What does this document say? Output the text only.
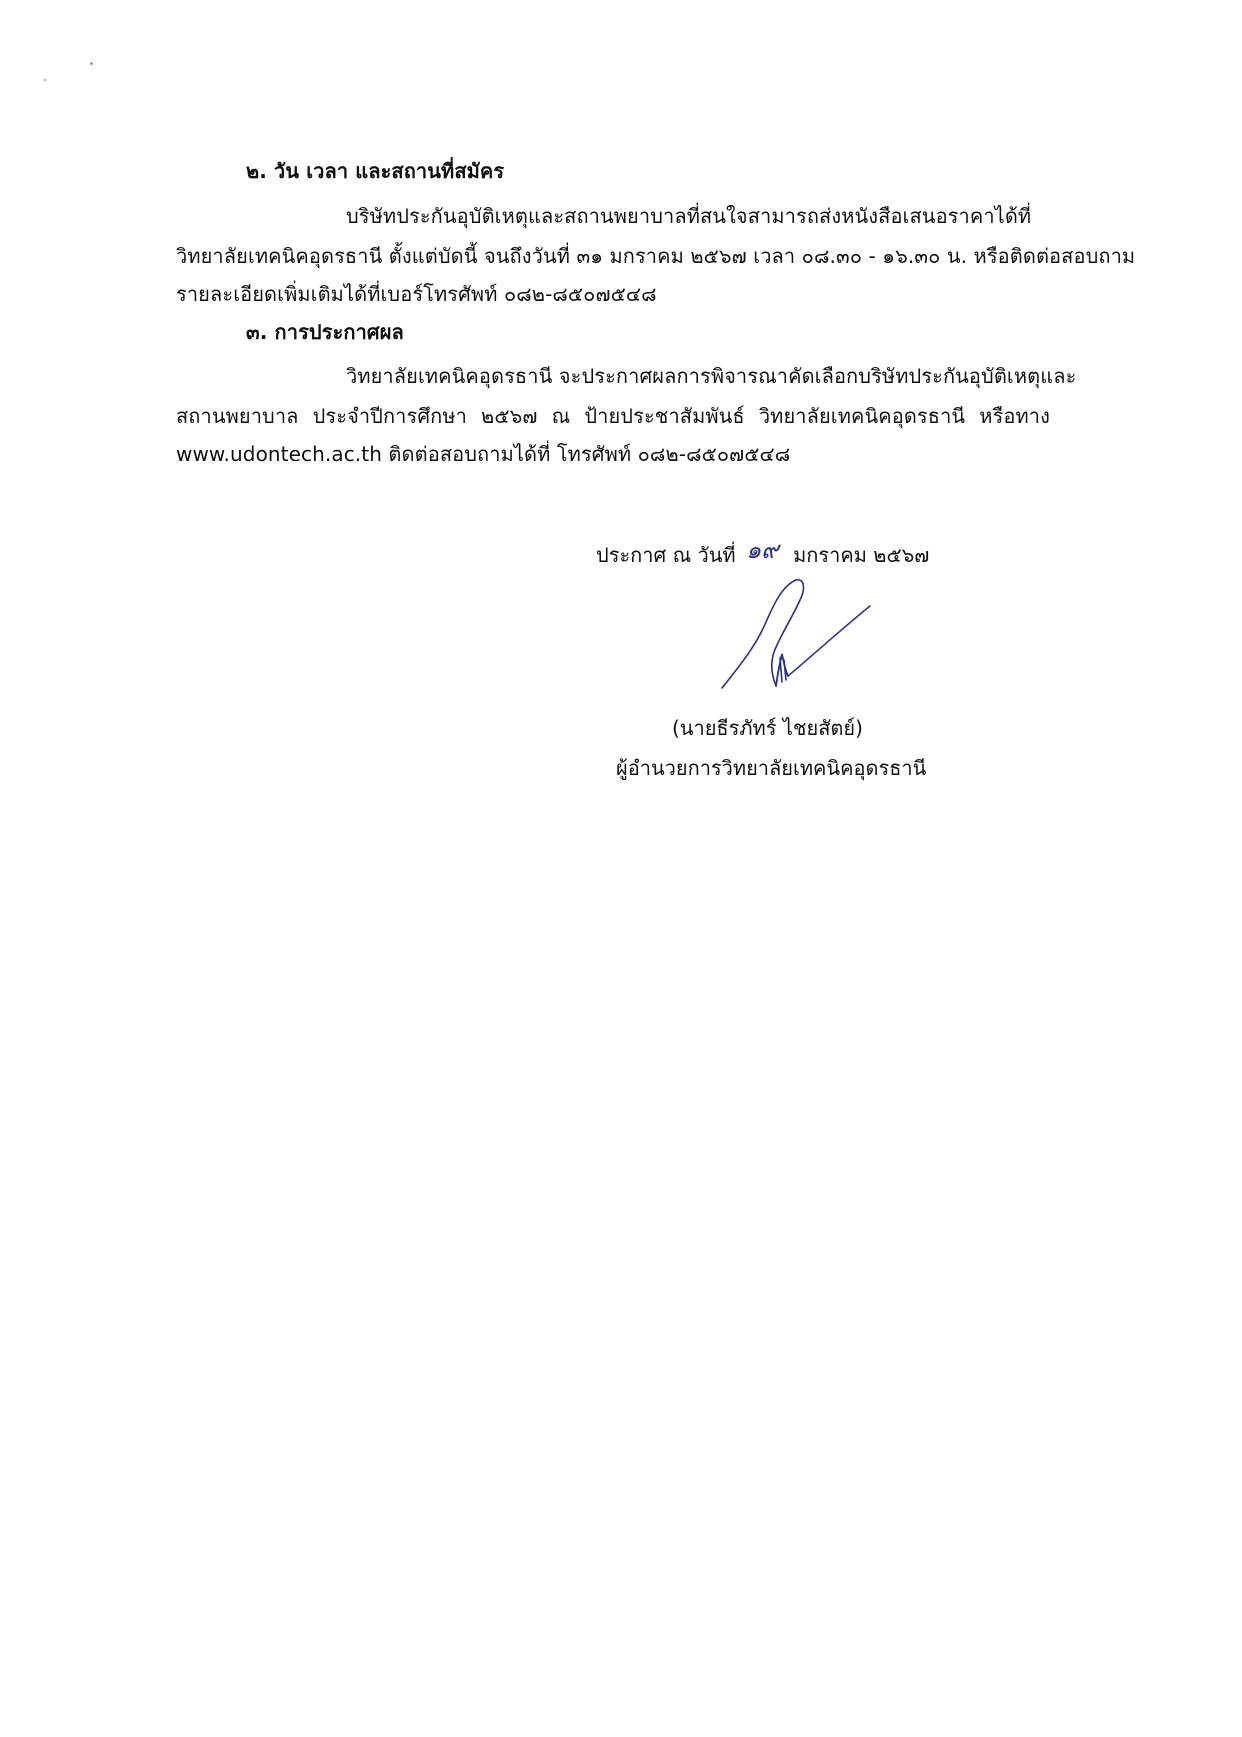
๒. วัน เวลา และสถานที่สมัคร
บริษัทประกันอุบัติเหตุและสถานพยาบาลที่สนใจสามารถส่งหนังสือเสนอราคาได้ที่
วิทยาลัยเทคนิคอุดรธานี ตั้งแต่บัดนี้ จนถึงวันที่ ๓๑ มกราคม ๒๕๖๗ เวลา ๐๘.๓๐ - ๑๖.๓๐ น. หรือติดต่อสอบถาม
รายละเอียดเพิ่มเติมได้ที่เบอร์โทรศัพท์ ๐๘๒-๘๕๐๗๕๔๘
๓. การประกาศผล
วิทยาลัยเทคนิคอุดรธานี จะประกาศผลการพิจารณาคัดเลือกบริษัทประกันอุบัติเหตุและ
สถานพยาบาล ประจำปีการศึกษา ๒๕๖๗ ณ ป้ายประชาสัมพันธ์ วิทยาลัยเทคนิคอุดรธานี หรือทาง
www.udontech.ac.th ติดต่อสอบถามได้ที่ โทรศัพท์ ๐๘๒-๘๕๐๗๕๔๘
ประกาศ ณ วันที่ ๑๙ มกราคม ๒๕๖๗
(นายธีรภัทร์ ไชยสัตย์)
ผู้อำนวยการวิทยาลัยเทคนิคอุดรธานี
